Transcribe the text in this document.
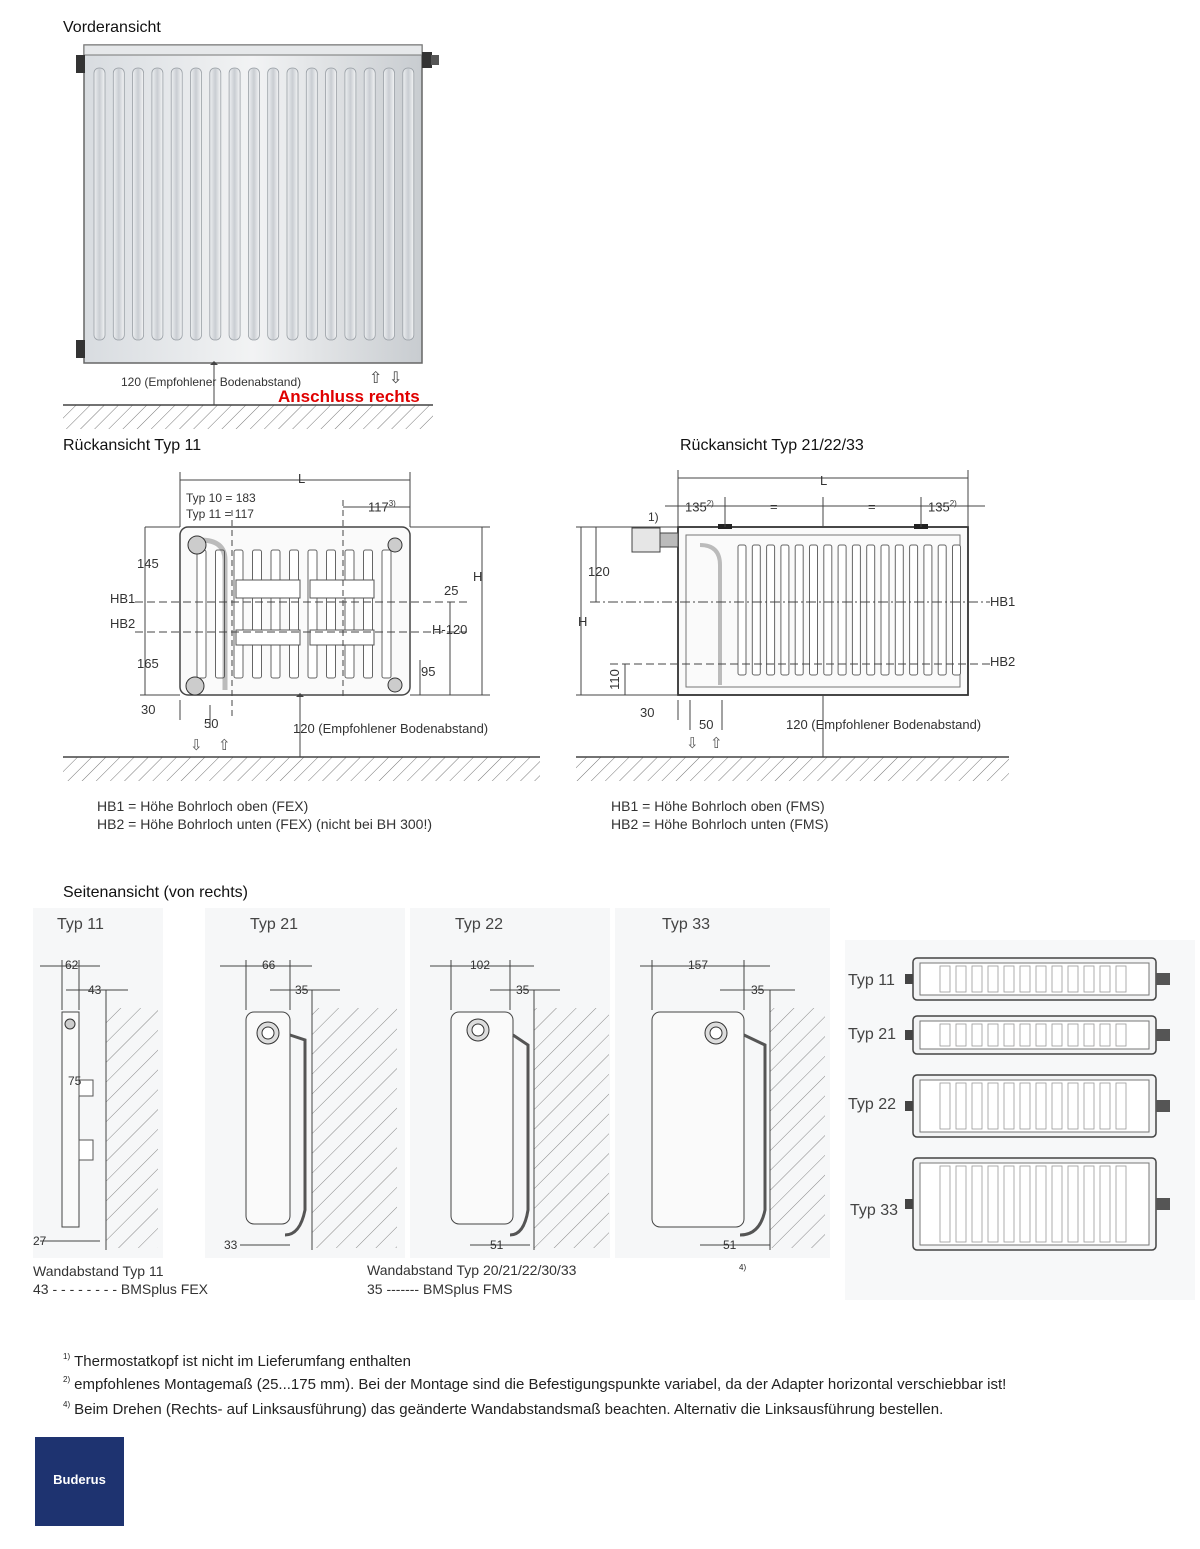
⇧ ⇩
⇩ ⇧	⇩ ⇧
Vorderansicht
120 (Empfohlener Bodenabstand)
Anschluss rechts
Rückansicht Typ 11
L
Typ 10 = 183
Typ 11 = 117	117$^{3)}$
H
145
HB1
HB2
165
25
H-120
95
30
50	120 (Empfohlener Bodenabstand)
HB1 = Höhe Bohrloch oben (FEX)
HB2 = Höhe Bohrloch unten (FEX) (nicht bei BH 300!)
Rückansicht Typ 21/22/33
L
135$^{2)}$	$135^{2)}$
=	=
1)
H
120
110
HB1
HB2
30
50	120 (Empfohlener Bodenabstand)
HB1 = Höhe Bohrloch oben (FMS)
HB2 = Höhe Bohrloch unten (FMS)
Seitenansicht (von rechts)
Typ 11	Typ 21	Typ 22	Typ 33
62
43
75
27
66
35
33
102
35
51
157
35
51
4)
Wandabstand Typ 11
43 - - - - - - - - BMSplus FEX
Wandabstand Typ 20/21/22/30/33
35 ------- BMSplus FMS
Typ 11
Typ 21
Typ 22
Typ 33
$^{1)}$ Thermostatkopf ist nicht im Lieferumfang enthalten
$^{2)}$ empfohlenes Montagemaß (25...175 mm). Bei der Montage sind die Befestigungspunkte variabel, da der Adapter horizontal verschiebbar ist!
$^{4)}$ Beim Drehen (Rechts- auf Linksausführung) das geänderte Wandabstandsmaß beachten. Alternativ die Linksausführung bestellen.
Buderus
